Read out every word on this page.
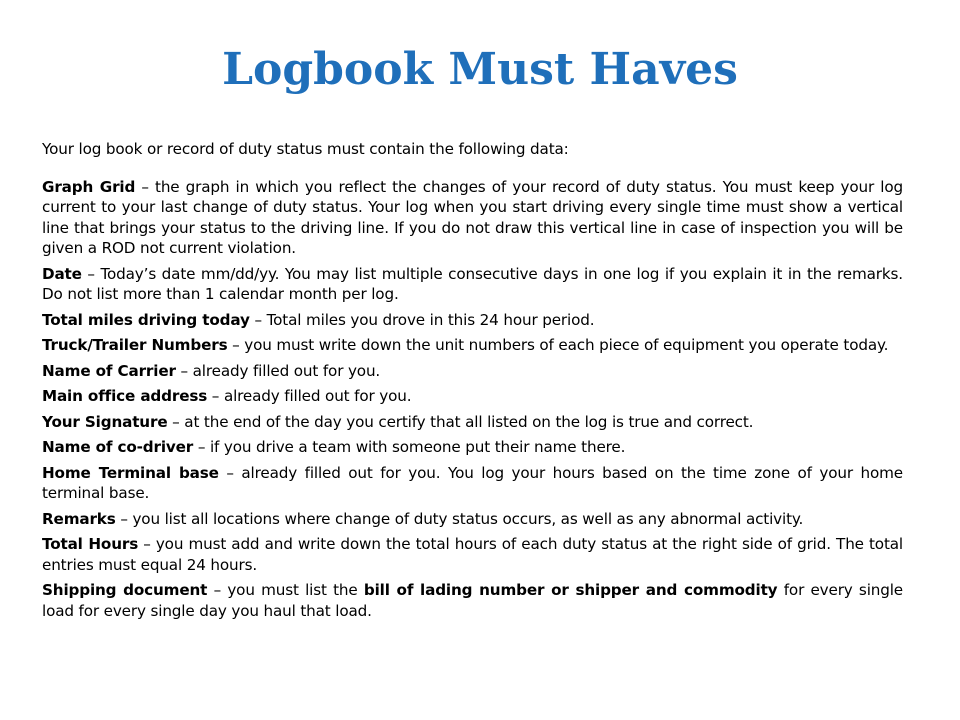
Logbook Must Haves

Your log book or record of duty status must contain the following data:

Graph Grid – the graph in which you reflect the changes of your record of duty status. You must keep your log current to your last change of duty status. Your log when you start driving every single time must show a vertical line that brings your status to the driving line. If you do not draw this vertical line in case of inspection you will be given a ROD not current violation.

Date – Today’s date mm/dd/yy. You may list multiple consecutive days in one log if you explain it in the remarks. Do not list more than 1 calendar month per log.

Total miles driving today – Total miles you drove in this 24 hour period.

Truck/Trailer Numbers – you must write down the unit numbers of each piece of equipment you operate today.

Name of Carrier – already filled out for you.

Main office address – already filled out for you.

Your Signature – at the end of the day you certify that all listed on the log is true and correct.

Name of co-driver – if you drive a team with someone put their name there.

Home Terminal base – already filled out for you. You log your hours based on the time zone of your home terminal base.

Remarks – you list all locations where change of duty status occurs, as well as any abnormal activity.

Total Hours – you must add and write down the total hours of each duty status at the right side of grid. The total entries must equal 24 hours.

Shipping document – you must list the bill of lading number or shipper and commodity for every single load for every single day you haul that load.
